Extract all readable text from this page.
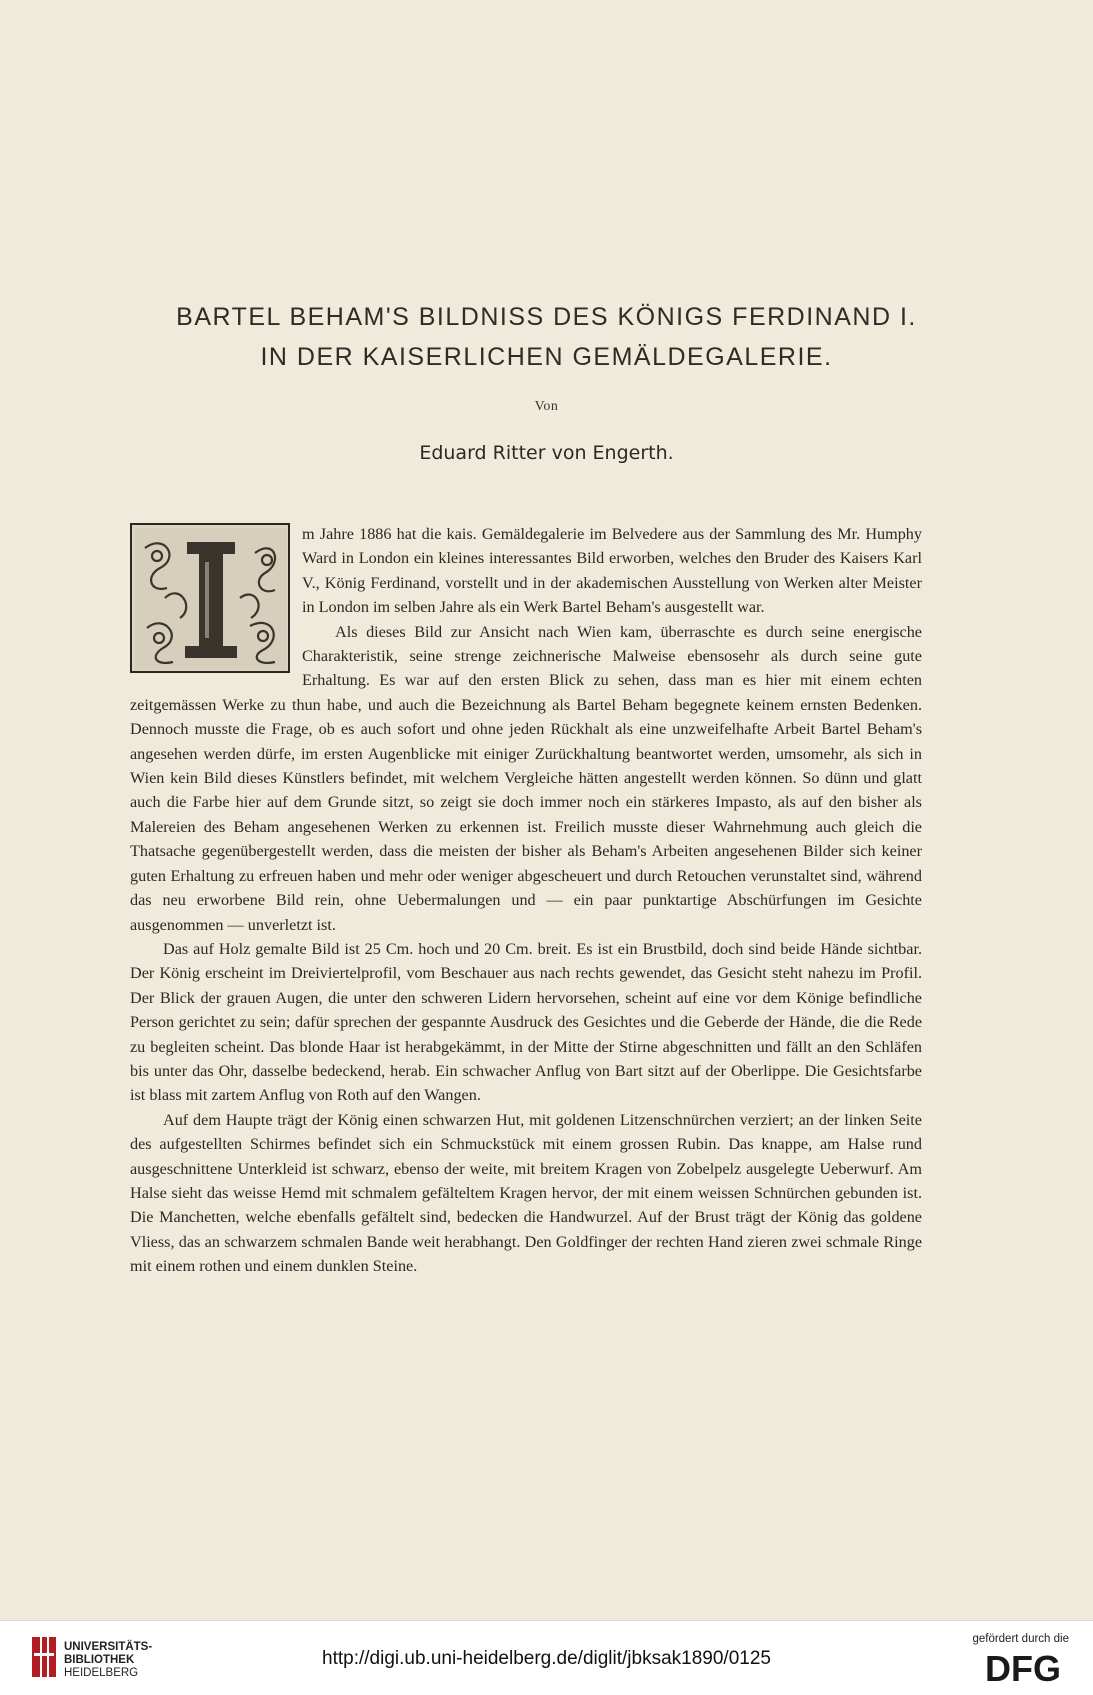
BARTEL BEHAM'S BILDNISS DES KÖNIGS FERDINAND I.
IN DER KAISERLICHEN GEMÄLDEGALERIE.
Von
Eduard Ritter von Engerth.

m Jahre 1886 hat die kais. Gemäldegalerie im Belvedere aus der Sammlung des Mr. Humphy Ward in London ein kleines interessantes Bild erworben, welches den Bruder des Kaisers Karl V., König Ferdinand, vorstellt und in der akademischen Ausstellung von Werken alter Meister in London im selben Jahre als ein Werk Bartel Beham's ausgestellt war.

Als dieses Bild zur Ansicht nach Wien kam, überraschte es durch seine energische Charakteristik, seine strenge zeichnerische Malweise ebensosehr als durch seine gute Erhaltung. Es war auf den ersten Blick zu sehen, dass man es hier mit einem echten zeitgemässen Werke zu thun habe, und auch die Bezeichnung als Bartel Beham begegnete keinem ernsten Bedenken. Dennoch musste die Frage, ob es auch sofort und ohne jeden Rückhalt als eine unzweifelhafte Arbeit Bartel Beham's angesehen werden dürfe, im ersten Augenblicke mit einiger Zurückhaltung beantwortet werden, umsomehr, als sich in Wien kein Bild dieses Künstlers befindet, mit welchem Vergleiche hätten angestellt werden können. So dünn und glatt auch die Farbe hier auf dem Grunde sitzt, so zeigt sie doch immer noch ein stärkeres Impasto, als auf den bisher als Malereien des Beham angesehenen Werken zu erkennen ist. Freilich musste dieser Wahrnehmung auch gleich die Thatsache gegenübergestellt werden, dass die meisten der bisher als Beham's Arbeiten angesehenen Bilder sich keiner guten Erhaltung zu erfreuen haben und mehr oder weniger abgescheuert und durch Retouchen verunstaltet sind, während das neu erworbene Bild rein, ohne Uebermalungen und — ein paar punktartige Abschürfungen im Gesichte ausgenommen — unverletzt ist.

Das auf Holz gemalte Bild ist 25 Cm. hoch und 20 Cm. breit. Es ist ein Brustbild, doch sind beide Hände sichtbar. Der König erscheint im Dreiviertelprofil, vom Beschauer aus nach rechts gewendet, das Gesicht steht nahezu im Profil. Der Blick der grauen Augen, die unter den schweren Lidern hervorsehen, scheint auf eine vor dem Könige befindliche Person gerichtet zu sein; dafür sprechen der gespannte Ausdruck des Gesichtes und die Geberde der Hände, die die Rede zu begleiten scheint. Das blonde Haar ist herabgekämmt, in der Mitte der Stirne abgeschnitten und fällt an den Schläfen bis unter das Ohr, dasselbe bedeckend, herab. Ein schwacher Anflug von Bart sitzt auf der Oberlippe. Die Gesichtsfarbe ist blass mit zartem Anflug von Roth auf den Wangen.

Auf dem Haupte trägt der König einen schwarzen Hut, mit goldenen Litzenschnürchen verziert; an der linken Seite des aufgestellten Schirmes befindet sich ein Schmuckstück mit einem grossen Rubin. Das knappe, am Halse rund ausgeschnittene Unterkleid ist schwarz, ebenso der weite, mit breitem Kragen von Zobelpelz ausgelegte Ueberwurf. Am Halse sieht das weisse Hemd mit schmalem gefälteltem Kragen hervor, der mit einem weissen Schnürchen gebunden ist. Die Manchetten, welche ebenfalls gefältelt sind, bedecken die Handwurzel. Auf der Brust trägt der König das goldene Vliess, das an schwarzem schmalen Bande weit herabhangt. Den Goldfinger der rechten Hand zieren zwei schmale Ringe mit einem rothen und einem dunklen Steine.

UNIVERSITÄTS-
BIBLIOTHEK
HEIDELBERG
http://digi.ub.uni-heidelberg.de/diglit/jbksak1890/0125
gefördert durch die
DFG
